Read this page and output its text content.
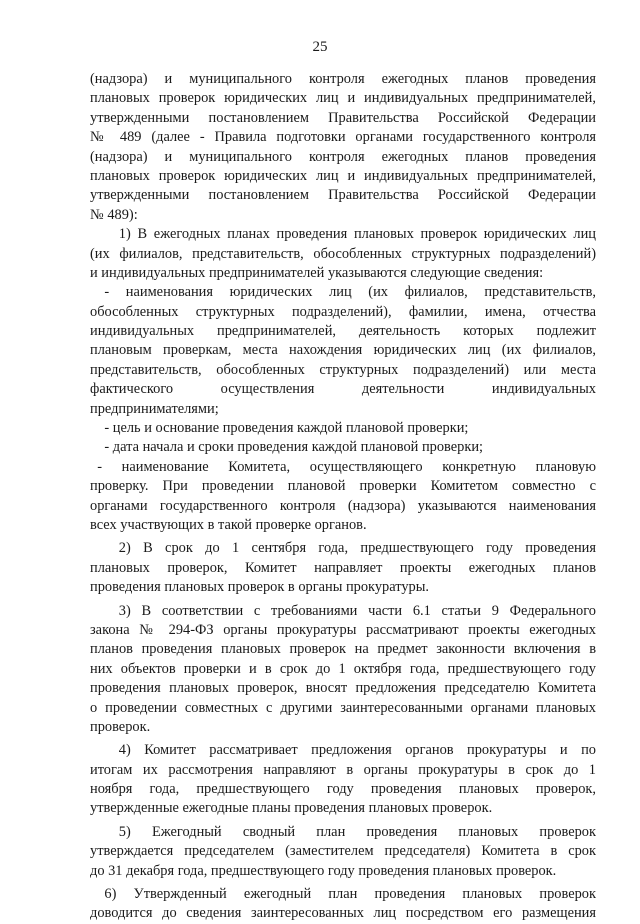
25
(надзора) и муниципального контроля ежегодных планов проведения
плановых проверок юридических лиц и индивидуальных предпринимателей,
утвержденными постановлением Правительства Российской Федерации
№ 489 (далее - Правила подготовки органами государственного контроля
(надзора) и муниципального контроля ежегодных планов проведения
плановых проверок юридических лиц и индивидуальных предпринимателей,
утвержденными постановлением Правительства Российской Федерации
№ 489):
1) В ежегодных планах проведения плановых проверок юридических лиц
(их филиалов, представительств, обособленных структурных подразделений)
и индивидуальных предпринимателей указываются следующие сведения:
- наименования юридических лиц (их филиалов, представительств,
обособленных структурных подразделений), фамилии, имена, отчества
индивидуальных предпринимателей, деятельность которых подлежит
плановым проверкам, места нахождения юридических лиц (их филиалов,
представительств, обособленных структурных подразделений) или места
фактического осуществления деятельности индивидуальных
предпринимателями;
- цель и основание проведения каждой плановой проверки;
- дата начала и сроки проведения каждой плановой проверки;
- наименование Комитета, осуществляющего конкретную плановую
проверку. При проведении плановой проверки Комитетом совместно с
органами государственного контроля (надзора) указываются наименования
всех участвующих в такой проверке органов.
2) В срок до 1 сентября года, предшествующего году проведения
плановых проверок, Комитет направляет проекты ежегодных планов
проведения плановых проверок в органы прокуратуры.
3) В соответствии с требованиями части 6.1 статьи 9 Федерального
закона № 294-ФЗ органы прокуратуры рассматривают проекты ежегодных
планов проведения плановых проверок на предмет законности включения в
них объектов проверки и в срок до 1 октября года, предшествующего году
проведения плановых проверок, вносят предложения председателю Комитета
о проведении совместных с другими заинтересованными органами плановых
проверок.
4) Комитет рассматривает предложения органов прокуратуры и по
итогам их рассмотрения направляют в органы прокуратуры в срок до 1
ноября года, предшествующего году проведения плановых проверок,
утвержденные ежегодные планы проведения плановых проверок.
5) Ежегодный сводный план проведения плановых проверок
утверждается председателем (заместителем председателя) Комитета в срок
до 31 декабря года, предшествующего году проведения плановых проверок.
6) Утвержденный ежегодный план проведения плановых проверок
доводится до сведения заинтересованных лиц посредством его размещения
